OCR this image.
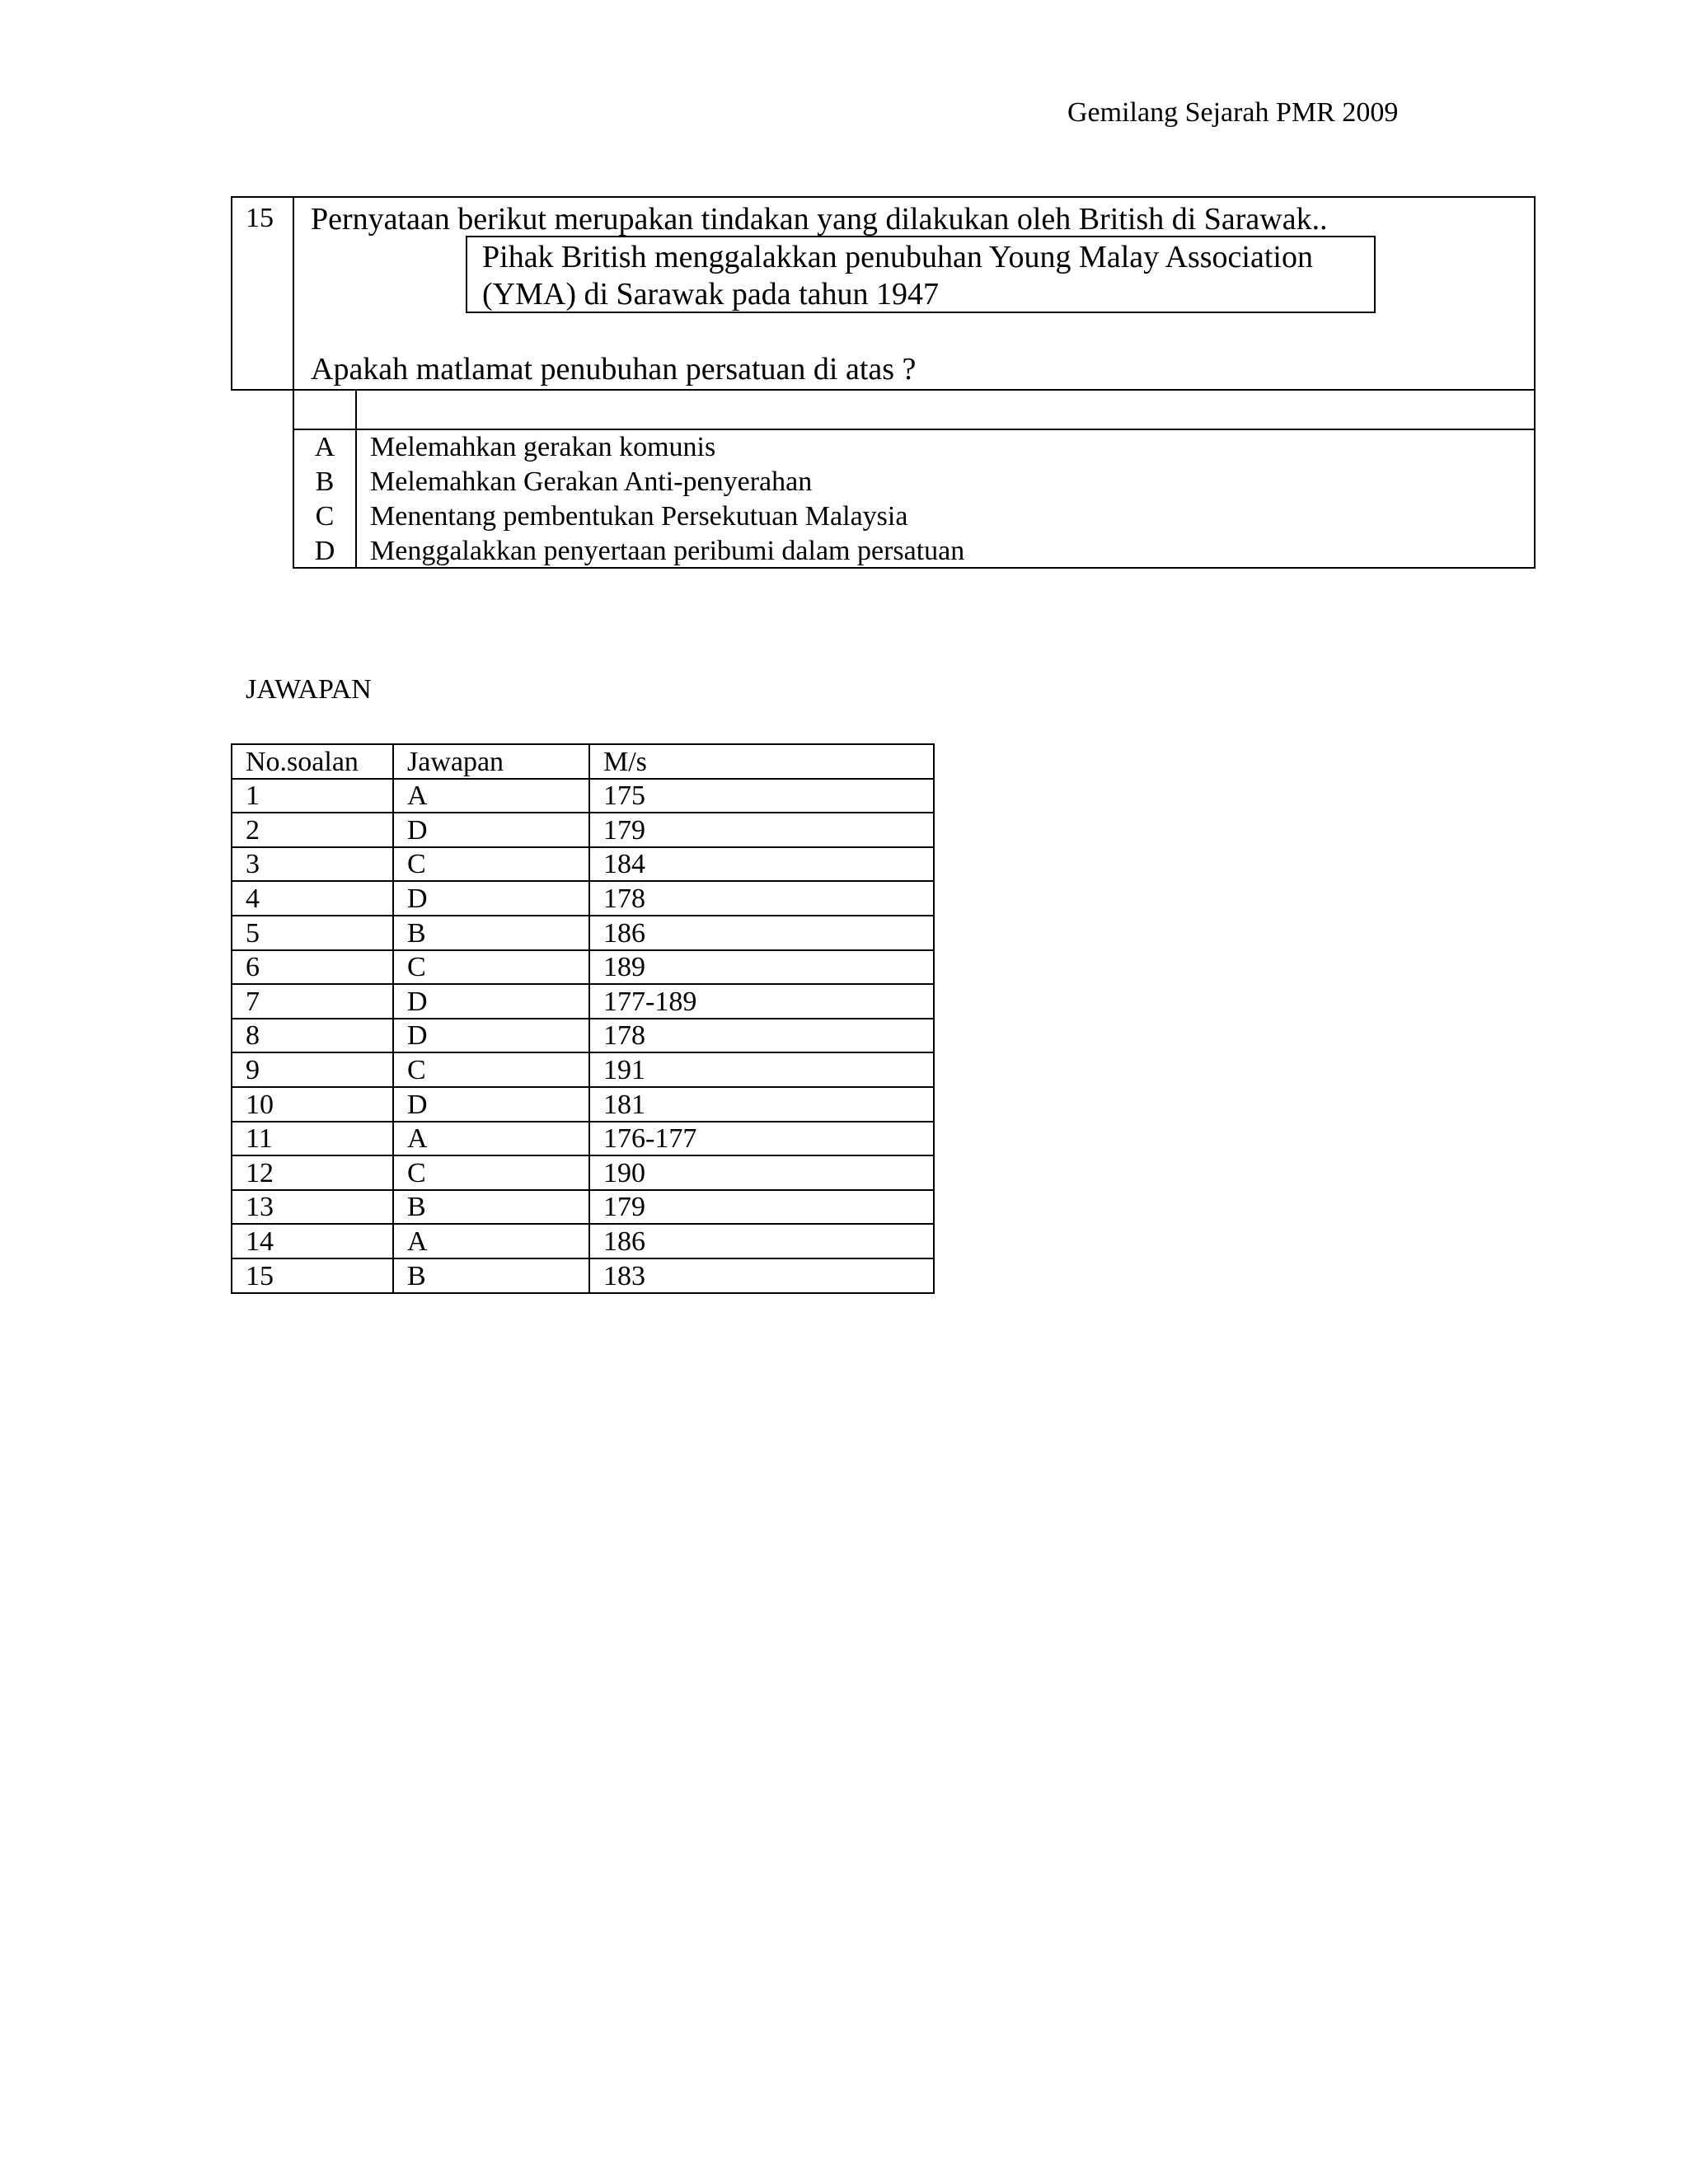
Gemilang Sejarah PMR 2009
15 Pernyataan berikut merupakan tindakan yang dilakukan oleh British di Sarawak..
Pihak British menggalakkan penubuhan Young Malay Association
(YMA) di Sarawak pada tahun 1947
Apakah matlamat penubuhan persatuan di atas ?
A	Melemahkan gerakan komunis
B	Melemahkan Gerakan Anti-penyerahan
C	Menentang pembentukan Persekutuan Malaysia
D	Menggalakkan penyertaan peribumi dalam persatuan
JAWAPAN
No.soalan	Jawapan	M/s
1	A	175
2	D	179
3	C	184
4	D	178
5	B	186
6	C	189
7	D	177-189
8	D	178
9	C	191
10	D	181
11	A	176-177
12	C	190
13	B	179
14	A	186
15	B	183
